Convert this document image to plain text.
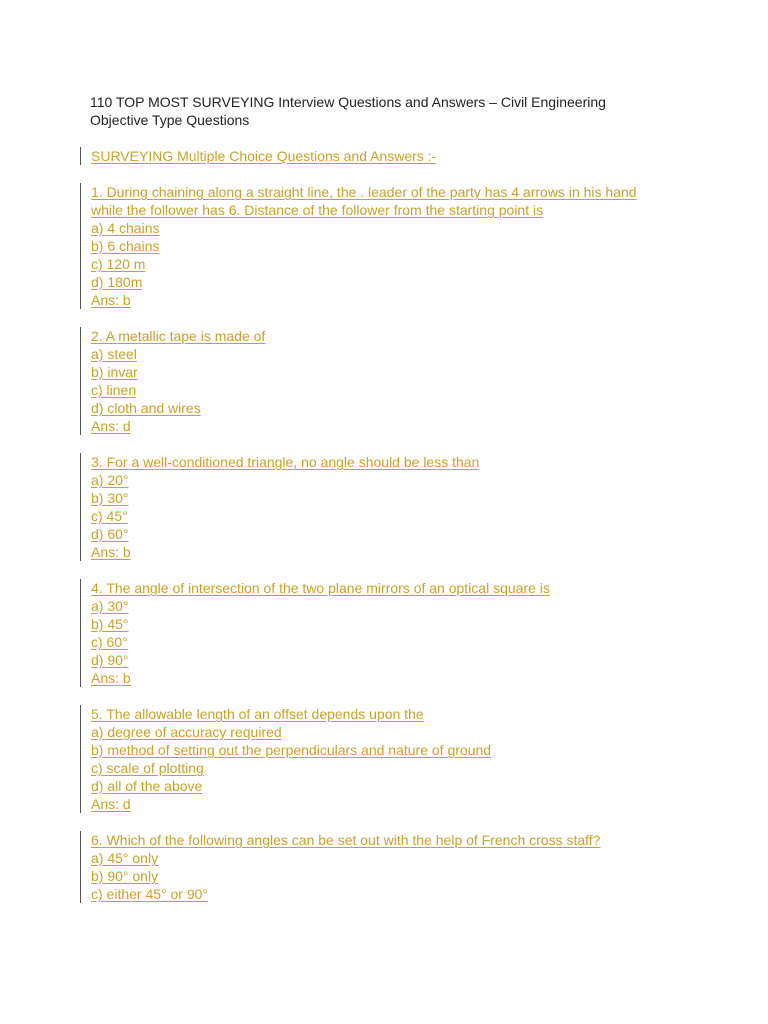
110 TOP MOST SURVEYING Interview Questions and Answers – Civil Engineering
Objective Type Questions

SURVEYING Multiple Choice Questions and Answers :-
1. During chaining along a straight line, the . leader of the party has 4 arrows in his hand
while the follower has 6. Distance of the follower from the starting point is
a) 4 chains
b) 6 chains
c) 120 m
d) 180m
Ans: b
2. A metallic tape is made of
a) steel
b) invar
c) linen
d) cloth and wires
Ans: d
3. For a well-conditioned triangle, no angle should be less than
a) 20°
b) 30°
c) 45°
d) 60°
Ans: b
4. The angle of intersection of the two plane mirrors of an optical square is
a) 30°
b) 45°
c) 60°
d) 90°
Ans: b
5. The allowable length of an offset depends upon the
a) degree of accuracy required
b) method of setting out the perpendiculars and nature of ground
c) scale of plotting
d) all of the above
Ans: d
6. Which of the following angles can be set out with the help of French cross staff?
a) 45° only
b) 90° only
c) either 45° or 90°
